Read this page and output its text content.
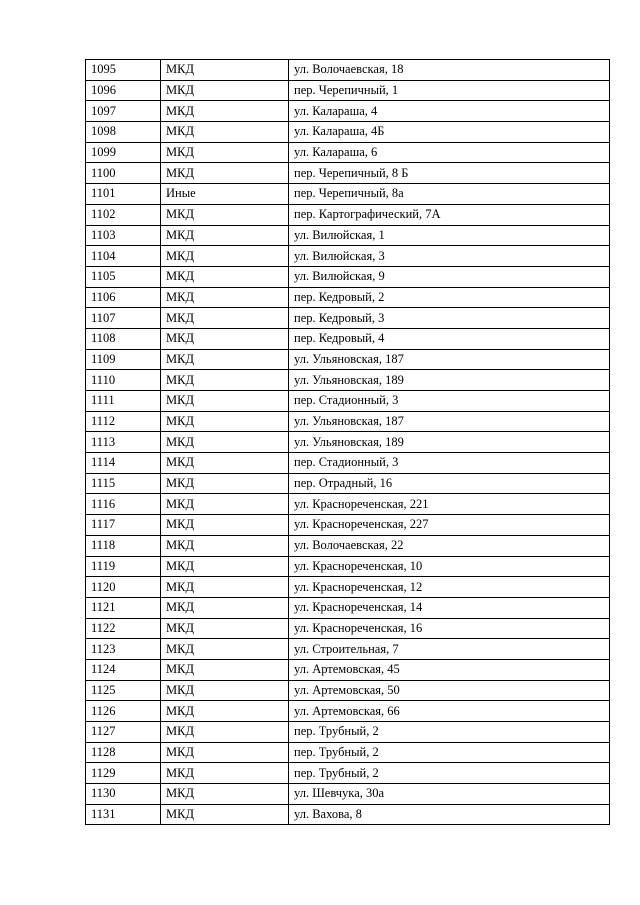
1095	МКД	ул. Волочаевская, 18
1096	МКД	пер. Черепичный, 1
1097	МКД	ул. Калараша, 4
1098	МКД	ул. Калараша, 4Б
1099	МКД	ул. Калараша, 6
1100	МКД	пер. Черепичный, 8 Б
1101	Иные	пер. Черепичный, 8а
1102	МКД	пер. Картографический, 7А
1103	МКД	ул. Вилюйская, 1
1104	МКД	ул. Вилюйская, 3
1105	МКД	ул. Вилюйская, 9
1106	МКД	пер. Кедровый, 2
1107	МКД	пер. Кедровый, 3
1108	МКД	пер. Кедровый, 4
1109	МКД	ул. Ульяновская, 187
1110	МКД	ул. Ульяновская, 189
1111	МКД	пер. Стадионный, 3
1112	МКД	ул. Ульяновская, 187
1113	МКД	ул. Ульяновская, 189
1114	МКД	пер. Стадионный, 3
1115	МКД	пер. Отрадный, 16
1116	МКД	ул. Краснореченская, 221
1117	МКД	ул. Краснореченская, 227
1118	МКД	ул. Волочаевская, 22
1119	МКД	ул. Краснореченская, 10
1120	МКД	ул. Краснореченская, 12
1121	МКД	ул. Краснореченская, 14
1122	МКД	ул. Краснореченская, 16
1123	МКД	ул. Строительная, 7
1124	МКД	ул. Артемовская, 45
1125	МКД	ул. Артемовская, 50
1126	МКД	ул. Артемовская, 66
1127	МКД	пер. Трубный, 2
1128	МКД	пер. Трубный, 2
1129	МКД	пер. Трубный, 2
1130	МКД	ул. Шевчука, 30а
1131	МКД	ул. Вахова, 8
